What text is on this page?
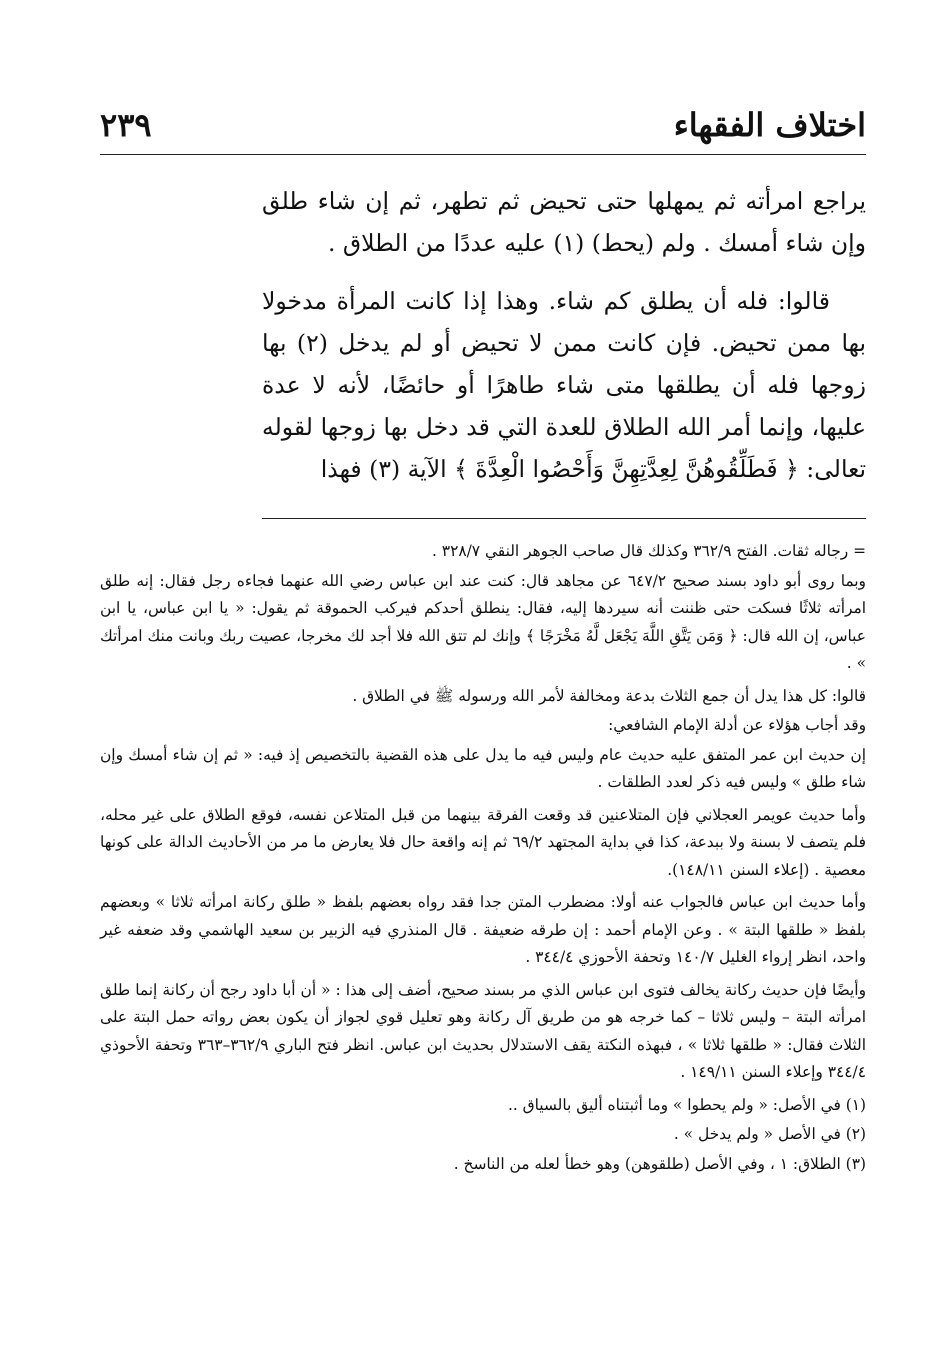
اختلاف الفقهاء
٢٣٩

يراجع امرأته ثم يمهلها حتى تحيض ثم تطهر، ثم إن شاء طلق وإن شاء أمسك . ولم (يحط) (١) عليه عددًا من الطلاق .

قالوا: فله أن يطلق كم شاء. وهذا إذا كانت المرأة مدخولا بها ممن تحيض. فإن كانت ممن لا تحيض أو لم يدخل (٢) بها زوجها فله أن يطلقها متى شاء طاهرًا أو حائضًا، لأنه لا عدة عليها، وإنما أمر الله الطلاق للعدة التي قد دخل بها زوجها لقوله تعالى: ﴿ فَطَلِّقُوهُنَّ لِعِدَّتِهِنَّ وَأَحْصُوا الْعِدَّةَ ﴾ الآية (٣) فهذا

= رجاله ثقات. الفتح ٣٦٢/٩ وكذلك قال صاحب الجوهر النقي ٣٢٨/٧ .

وبما روى أبو داود بسند صحيح ٦٤٧/٢ عن مجاهد قال: كنت عند ابن عباس رضي الله عنهما فجاءه رجل فقال: إنه طلق امرأته ثلاثًا فسكت حتى ظننت أنه سيردها إليه، فقال: ينطلق أحدكم فيركب الحموقة ثم يقول: « يا ابن عباس، يا ابن عباس، إن الله قال: ﴿ وَمَن يَتَّقِ اللَّهَ يَجْعَل لَّهُ مَخْرَجًا ﴾ وإنك لم تتق الله فلا أجد لك مخرجا، عصيت ربك وبانت منك امرأتك » .

قالوا: كل هذا يدل أن جمع الثلاث بدعة ومخالفة لأمر الله ورسوله ﷺ في الطلاق .

وقد أجاب هؤلاء عن أدلة الإمام الشافعي:

إن حديث ابن عمر المتفق عليه حديث عام وليس فيه ما يدل على هذه القضية بالتخصيص إذ فيه: « ثم إن شاء أمسك وإن شاء طلق » وليس فيه ذكر لعدد الطلقات .

وأما حديث عويمر العجلاني فإن المتلاعنين قد وقعت الفرقة بينهما من قبل المتلاعن نفسه، فوقع الطلاق على غير محله، فلم يتصف لا بسنة ولا ببدعة، كذا في بداية المجتهد ٦٩/٢ ثم إنه واقعة حال فلا يعارض ما مر من الأحاديث الدالة على كونها معصية . (إعلاء السنن ١٤٨/١١).

وأما حديث ابن عباس فالجواب عنه أولا: مضطرب المتن جدا فقد رواه بعضهم بلفظ « طلق ركانة امرأته ثلاثا » وبعضهم بلفظ « طلقها البتة » . وعن الإمام أحمد : إن طرقه ضعيفة . قال المنذري فيه الزبير بن سعيد الهاشمي وقد ضعفه غير واحد، انظر إرواء الغليل ١٤٠/٧ وتحفة الأحوزي ٣٤٤/٤ .

وأيضًا فإن حديث ركانة يخالف فتوى ابن عباس الذي مر بسند صحيح، أضف إلى هذا : « أن أبا داود رجح أن ركانة إنما طلق امرأته البتة – وليس ثلاثا – كما خرجه هو من طريق آل ركانة وهو تعليل قوي لجواز أن يكون بعض رواته حمل البتة على الثلاث فقال: « طلقها ثلاثا » ، فبهذه النكتة يقف الاستدلال بحديث ابن عباس. انظر فتح الباري ٣٦٢/٩–٣٦٣ وتحفة الأحوذي ٣٤٤/٤ وإعلاء السنن ١٤٩/١١ .

(١) في الأصل: « ولم يحطوا » وما أثبتناه أليق بالسياق ..

(٢) في الأصل « ولم يدخل » .

(٣) الطلاق: ١ ، وفي الأصل (طلقوهن) وهو خطأ لعله من الناسخ .
